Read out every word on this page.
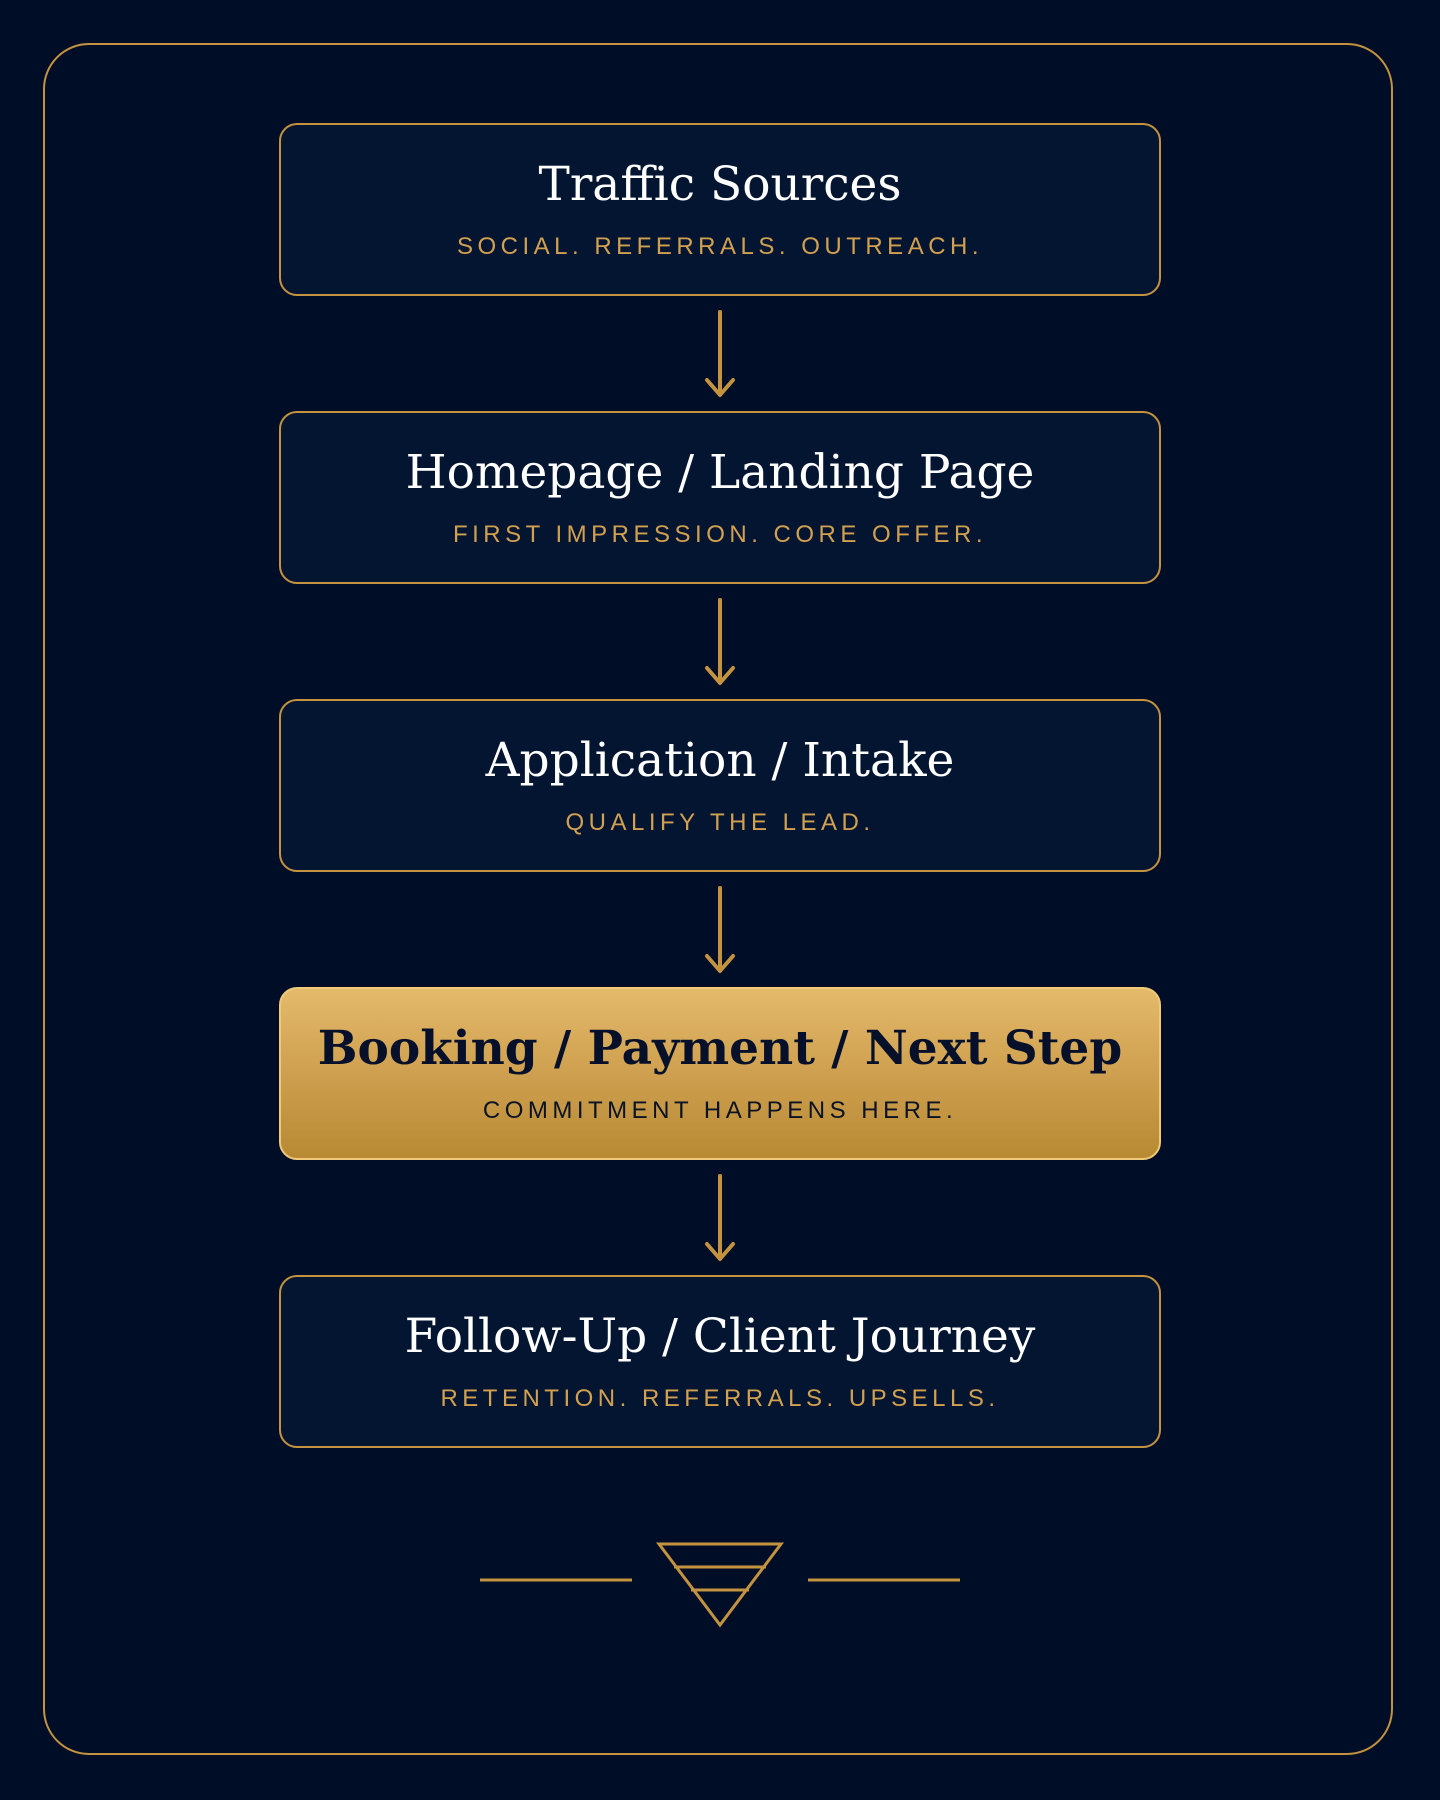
Traffic Sources
SOCIAL. REFERRALS. OUTREACH.
Homepage / Landing Page
FIRST IMPRESSION. CORE OFFER.
Application / Intake
QUALIFY THE LEAD.
Booking / Payment / Next Step
COMMITMENT HAPPENS HERE.
Follow-Up / Client Journey
RETENTION. REFERRALS. UPSELLS.
